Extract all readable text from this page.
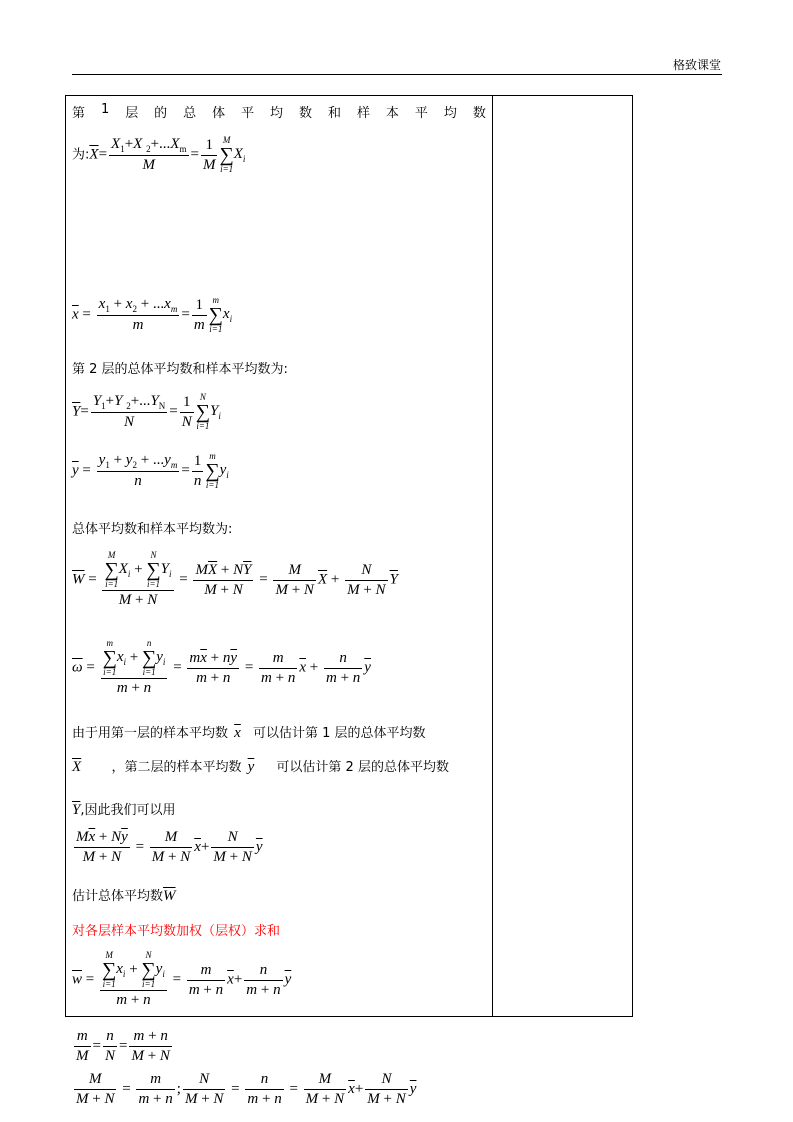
格致课堂
第 1 层 的 总 体 平 均 数 和 样 本 平 均 数
为$:\overline{X}= \frac{X_1+X _2+...X_m}{M} = \frac{1}{M}$ M
∑
i=1
$X_i$
$\overline{x} = \frac{x_1 + x_2 + ...x_m}{m} = \frac{1}{m}$ m
∑
i=1
$x_i$
第 2 层的总体平均数和样本平均数为:
$\overline{Y}= \frac{Y_1+Y _2+...Y_N}{N} = \frac{1}{N}$ N
∑
i=1
$Y_i$
$\overline{y} = \frac{y_1 + y_2 + ...y_m}{n} = \frac{1}{n}$ m
∑
i=1
$y_i$
总体平均数和样本平均数为:
$\overline{W} = M$
∑
i=1
$X_i$ +
N
∑
i=1
$Y_i$
$M + N = \frac{M\overline{X} + N\overline{Y}}{M + N} = \frac{M}{M + N} \overline{X} + \frac{N}{M + N} \overline{Y}$
$\overline{\omega} = m$
∑
i=1
$x_i$ +
n
∑
i=1
$y_i$
$m + n = \frac{m\overline{x} + n\overline{y}}{m + n} = \frac{m}{m + n} \overline{x} + \frac{n}{m + n} \overline{y}$
由于用第一层的样本平均数 $\overline{x}$ 可以估计第 1 层的总体平均数
$\overline{X}$ ，第二层的样本平均数 $\overline{y}$ 可以估计第 2 层的总体平均数
$\overline{Y}$,因此我们可以用
$\frac{M\overline{x} + N\overline{y}}{M + N} = \frac{M}{M + N} \overline{x}+ \frac{N}{M + N} \overline{y}$
估计总体平均数$\overline{W}$
对各层样本平均数加权（层权）求和
$\overline{w} = M$
∑
i=1
$x_i$ +
N
∑
i=1
$y_i$
$m + n = \frac{m}{m + n} \overline{x}+ \frac{n}{m + n} \overline{y}$
$\frac{m}{M} = \frac{n}{N} = \frac{m + n}{M + N}$
$\frac{M}{M + N} = \frac{m}{m + n}$ ; $\frac{N}{M + N} = \frac{n}{m + n} = \frac{M}{M + N} \overline{x}+ \frac{N}{M + N} \overline{y}$
